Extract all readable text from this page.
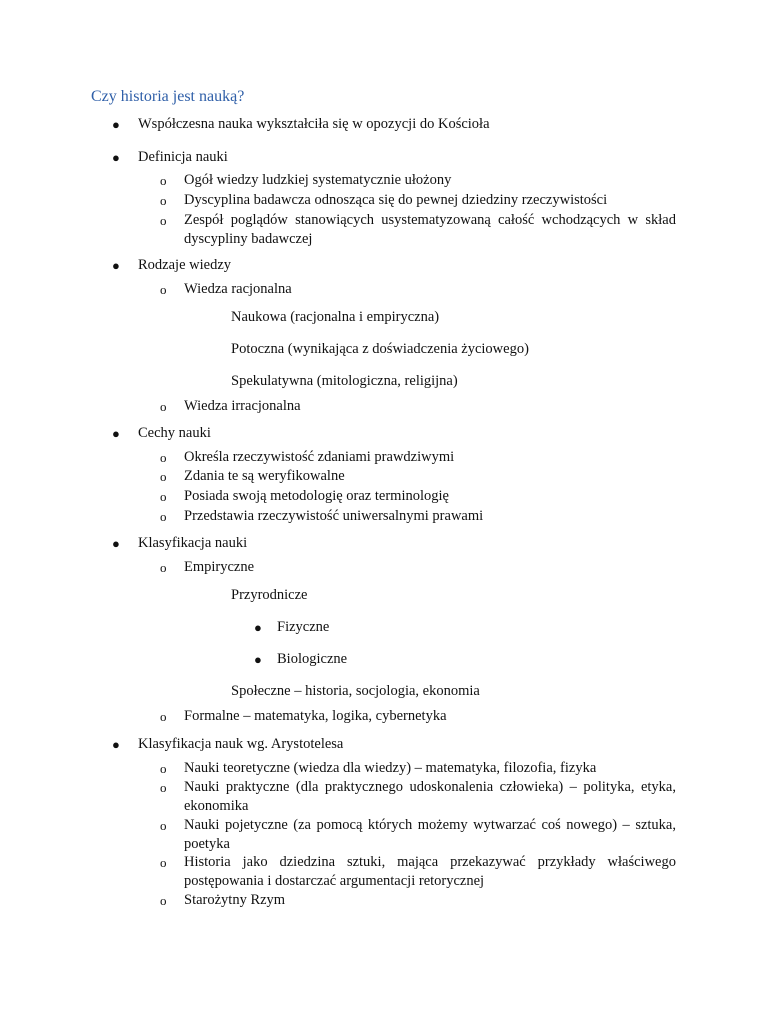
Czy historia jest nauką?
● Współczesna nauka wykształciła się w opozycji do Kościoła
● Definicja nauki
o Ogół wiedzy ludzkiej systematycznie ułożony
o Dyscyplina badawcza odnosząca się do pewnej dziedziny rzeczywistości
o Zespół poglądów stanowiących usystematyzowaną całość wchodzących w skład dyscypliny badawczej
● Rodzaje wiedzy
o Wiedza racjonalna
Naukowa (racjonalna i empiryczna)
Potoczna (wynikająca z doświadczenia życiowego)
Spekulatywna (mitologiczna, religijna)
o Wiedza irracjonalna
● Cechy nauki
o Określa rzeczywistość zdaniami prawdziwymi
o Zdania te są weryfikowalne
o Posiada swoją metodologię oraz terminologię
o Przedstawia rzeczywistość uniwersalnymi prawami
● Klasyfikacja nauki
o Empiryczne
Przyrodnicze
● Fizyczne
● Biologiczne
Społeczne – historia, socjologia, ekonomia
o Formalne – matematyka, logika, cybernetyka
● Klasyfikacja nauk wg. Arystotelesa
o Nauki teoretyczne (wiedza dla wiedzy) – matematyka, filozofia, fizyka
o Nauki praktyczne (dla praktycznego udoskonalenia człowieka) – polityka, etyka, ekonomika
o Nauki pojetyczne (za pomocą których możemy wytwarzać coś nowego) – sztuka, poetyka
o Historia jako dziedzina sztuki, mająca przekazywać przykłady właściwego postępowania i dostarczać argumentacji retorycznej
o Starożytny Rzym
